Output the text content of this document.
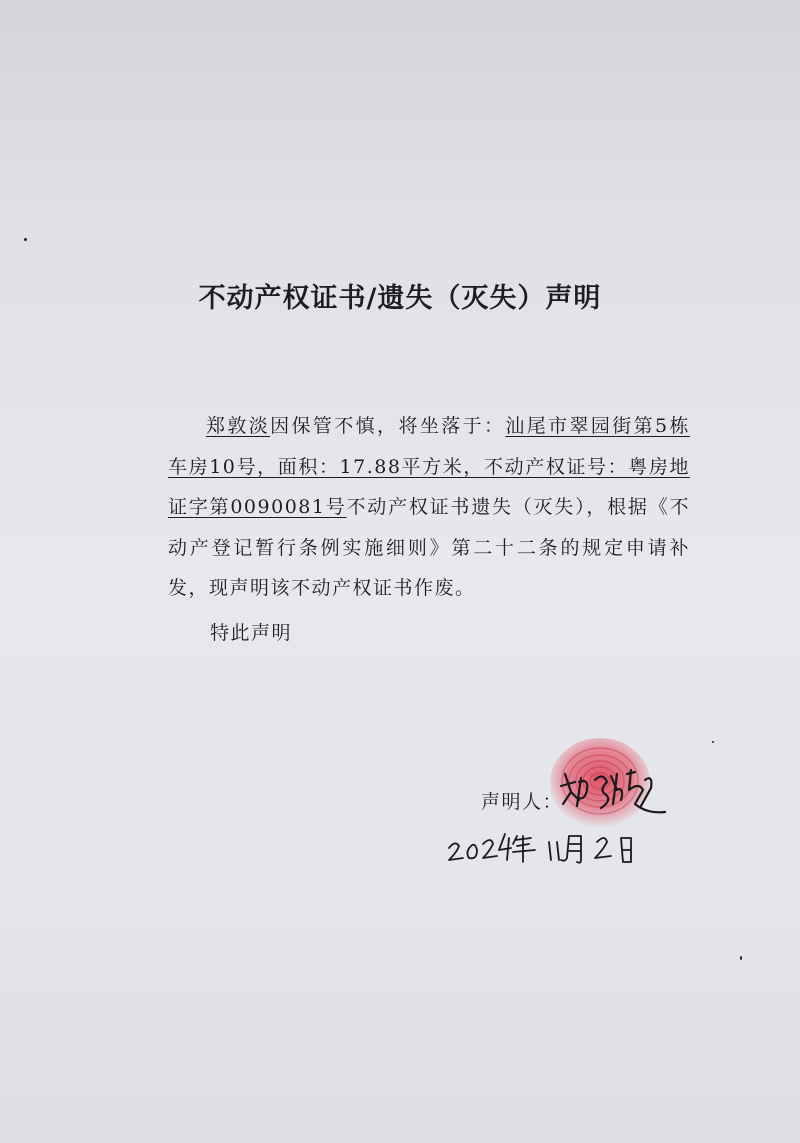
不动产权证书/遗失（灭失）声明

郑敦淡因保管不慎，将坐落于：汕尾市翠园街第5栋车房10号，面积：17.88平方米，不动产权证号：粤房地证字第0090081号不动产权证书遗失（灭失），根据《不动产登记暂行条例实施细则》第二十二条的规定申请补发，现声明该不动产权证书作废。

特此声明

声明人：
